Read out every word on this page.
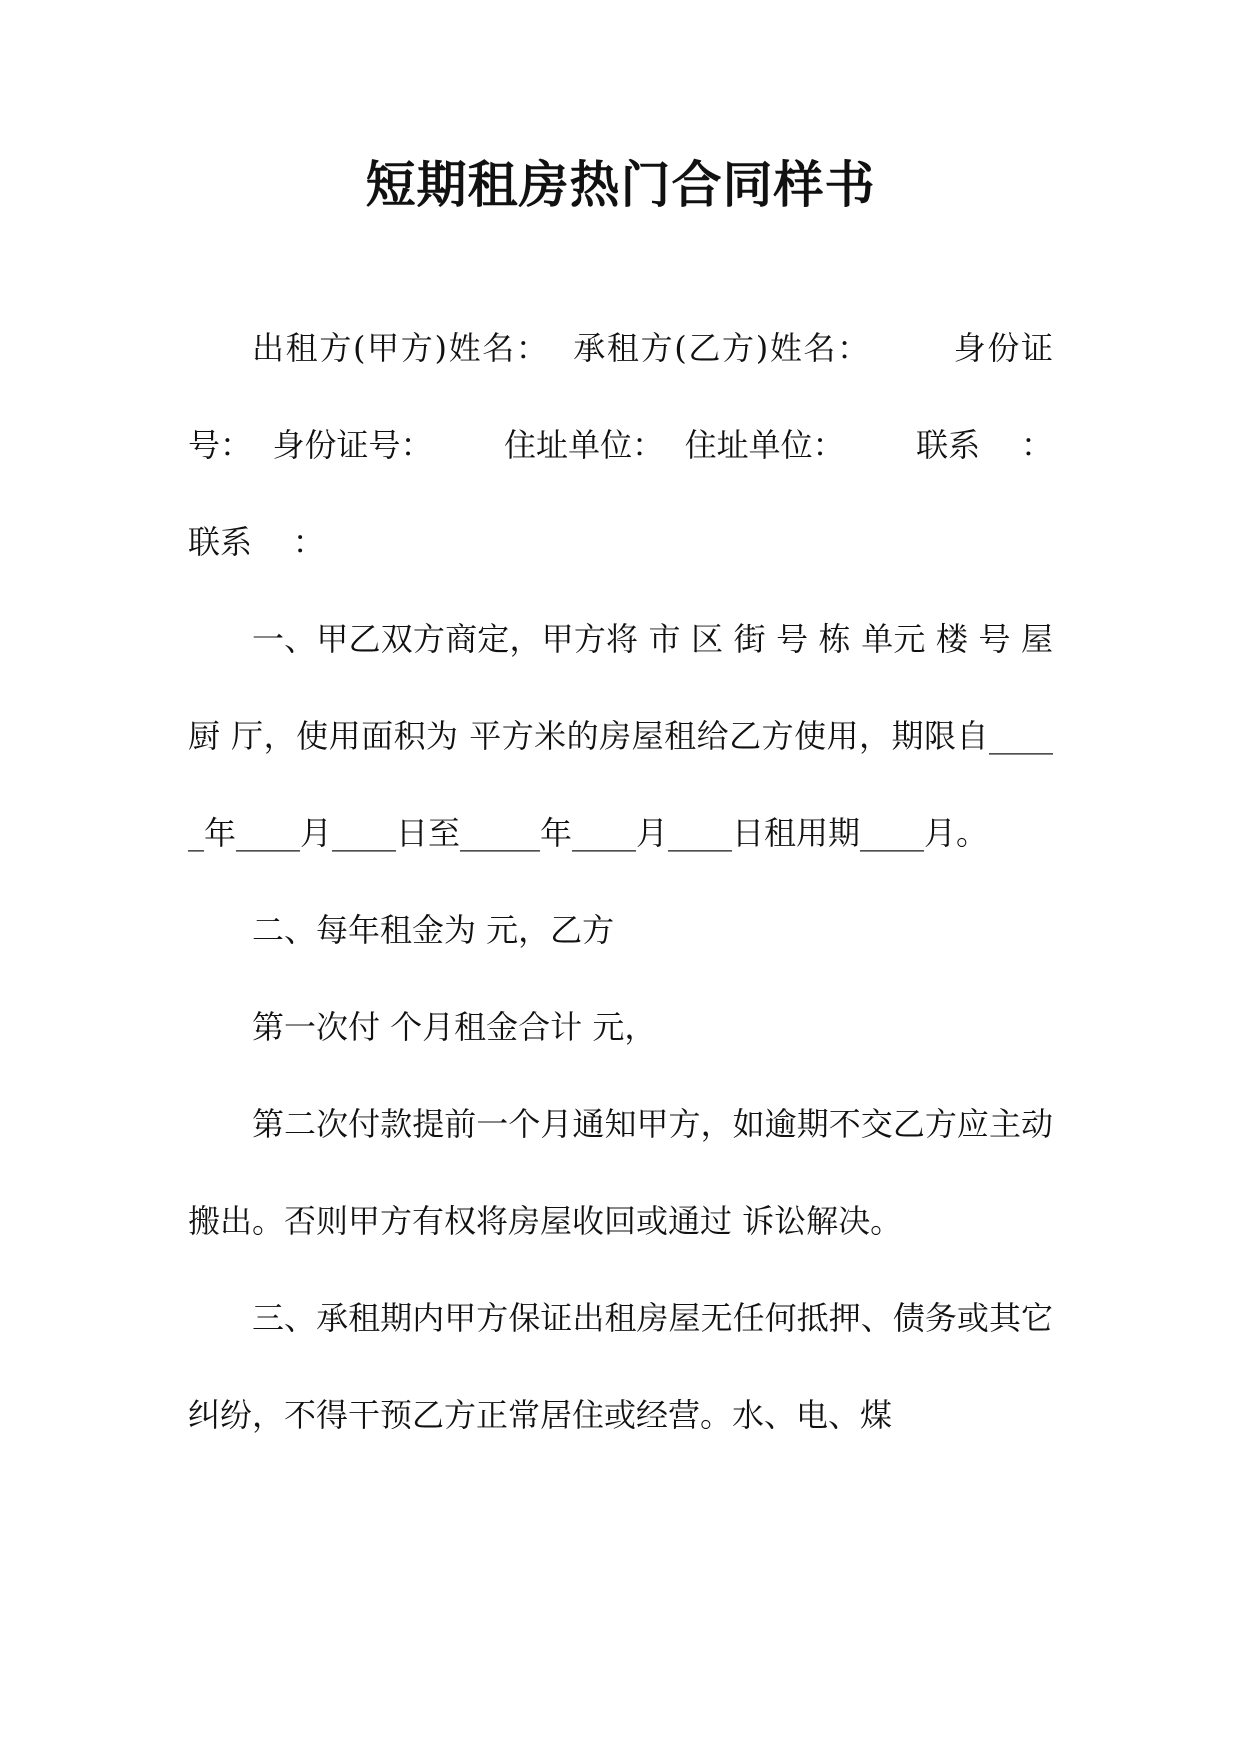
短期租房热门合同样书

出租方(甲方)姓名：  承租方(乙方)姓名：       身份证号：  身份证号：       住址单位：  住址单位：       联系    ：  联系    ：

一、甲乙双方商定，甲方将 市 区 街 号 栋 单元 楼 号 屋 厨 厅，使用面积为 平方米的房屋租给乙方使用，期限自_____年____月____日至_____年____月____日租用期____月。

二、每年租金为 元，乙方

第一次付 个月租金合计 元，

第二次付款提前一个月通知甲方，如逾期不交乙方应主动搬出。否则甲方有权将房屋收回或通过 诉讼解决。

三、承租期内甲方保证出租房屋无任何抵押、债务或其它纠纷，不得干预乙方正常居住或经营。水、电、煤
